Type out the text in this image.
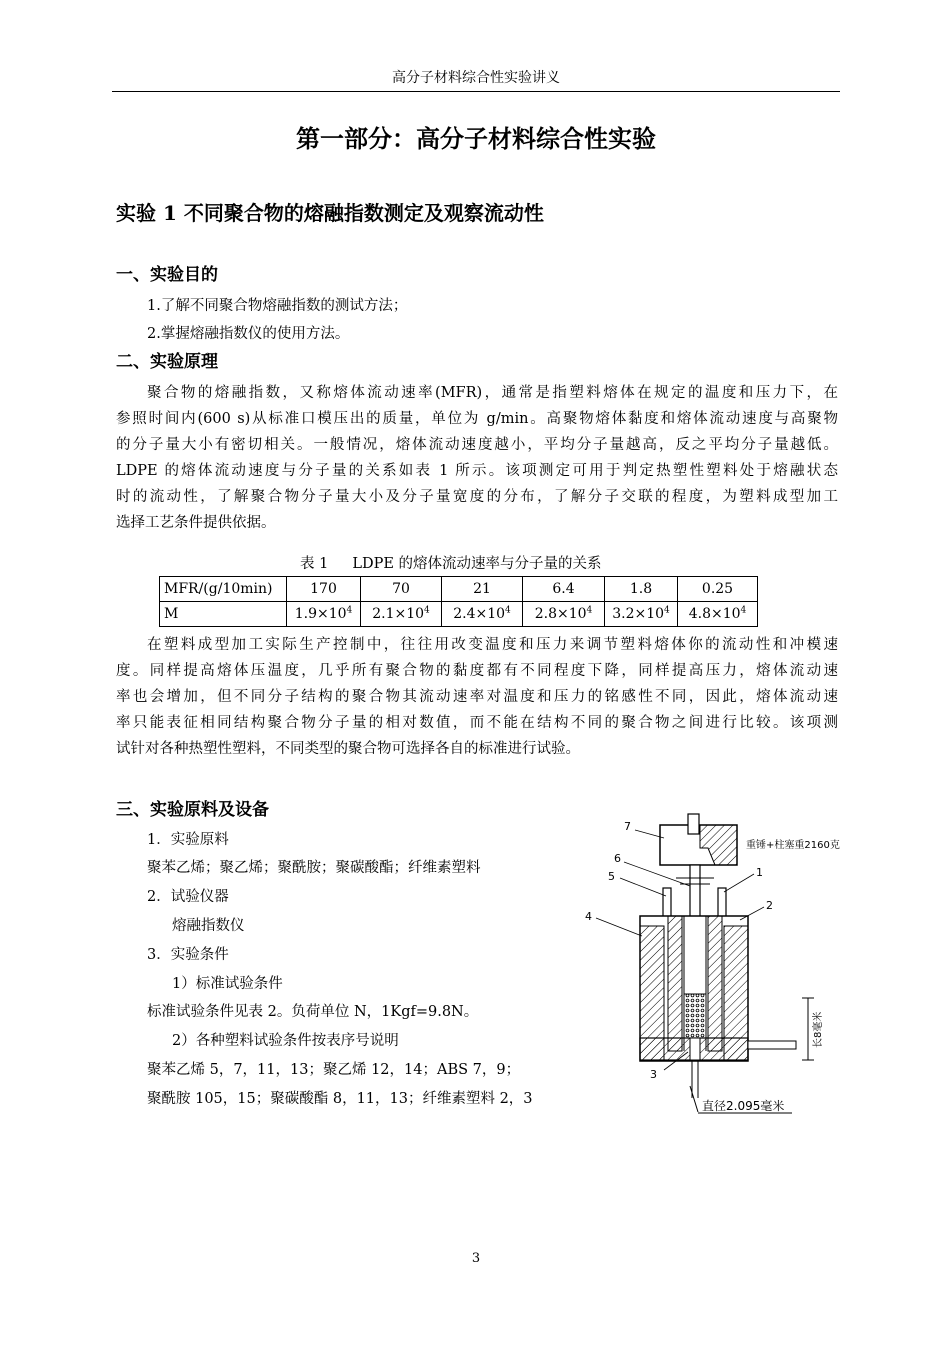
高分子材料综合性实验讲义
第一部分：高分子材料综合性实验
实验 1 不同聚合物的熔融指数测定及观察流动性
一、实验目的
1.了解不同聚合物熔融指数的测试方法；
2.掌握熔融指数仪的使用方法。
二、实验原理
聚合物的熔融指数，又称熔体流动速率(MFR)，通常是指塑料熔体在规定的温度和压力下，在
参照时间内(600 s)从标准口模压出的质量，单位为 g/min。高聚物熔体黏度和熔体流动速度与高聚物
的分子量大小有密切相关。一般情况，熔体流动速度越小，平均分子量越高，反之平均分子量越低。
LDPE 的熔体流动速度与分子量的关系如表 1 所示。该项测定可用于判定热塑性塑料处于熔融状态
时的流动性，了解聚合物分子量大小及分子量宽度的分布，了解分子交联的程度，为塑料成型加工
选择工艺条件提供依据。
表 1 LDPE 的熔体流动速率与分子量的关系
MFR/(g/10min)	170	70	21	6.4	1.8	0.25
M	$1.9\times 10^4$	$2.1\times 10^4$	$2.4\times 10^4$	$2.8\times 10^4$	$3.2\times 10^4$	$4.8\times 10^4$
在塑料成型加工实际生产控制中，往往用改变温度和压力来调节塑料熔体你的流动性和冲模速
度。同样提高熔体压温度，几乎所有聚合物的黏度都有不同程度下降，同样提高压力，熔体流动速
率也会增加，但不同分子结构的聚合物其流动速率对温度和压力的铭感性不同，因此，熔体流动速
率只能表征相同结构聚合物分子量的相对数值，而不能在结构不同的聚合物之间进行比较。该项测
试针对各种热塑性塑料，不同类型的聚合物可选择各自的标准进行试验。
三、实验原料及设备
1．实验原料
聚苯乙烯；聚乙烯；聚酰胺；聚碳酸酯；纤维素塑料
2．试验仪器
熔融指数仪
3．实验条件
1）标准试验条件
标准试验条件见表 2。负荷单位 N，1Kgf=9.8N。
2）各种塑料试验条件按表序号说明
聚苯乙烯 5，7，11，13；聚乙烯 12，14；ABS 7，9；
聚酰胺 105，15；聚碳酸酯 8，11，13；纤维素塑料 2，3
长8毫米
直径2.095毫米
重锤+柱塞重2160克
7
6
5
4
1
2
3
3
